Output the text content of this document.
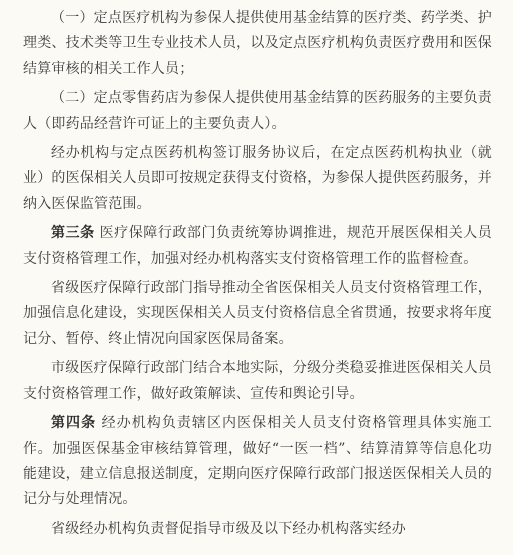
（一）定点医疗机构为参保人提供使用基金结算的医疗类、药学类、护理类、技术类等卫生专业技术人员，以及定点医疗机构负责医疗费用和医保结算审核的相关工作人员；

（二）定点零售药店为参保人提供使用基金结算的医药服务的主要负责人（即药品经营许可证上的主要负责人）。

经办机构与定点医药机构签订服务协议后，在定点医药机构执业（就业）的医保相关人员即可按规定获得支付资格，为参保人提供医药服务，并纳入医保监管范围。

第三条 医疗保障行政部门负责统筹协调推进，规范开展医保相关人员支付资格管理工作，加强对经办机构落实支付资格管理工作的监督检查。

省级医疗保障行政部门指导推动全省医保相关人员支付资格管理工作，加强信息化建设，实现医保相关人员支付资格信息全省贯通，按要求将年度记分、暂停、终止情况向国家医保局备案。

市级医疗保障行政部门结合本地实际，分级分类稳妥推进医保相关人员支付资格管理工作，做好政策解读、宣传和舆论引导。

第四条 经办机构负责辖区内医保相关人员支付资格管理具体实施工作。加强医保基金审核结算管理，做好“一医一档”、结算清算等信息化功能建设，建立信息报送制度，定期向医疗保障行政部门报送医保相关人员的记分与处理情况。

省级经办机构负责督促指导市级及以下经办机构落实经办
